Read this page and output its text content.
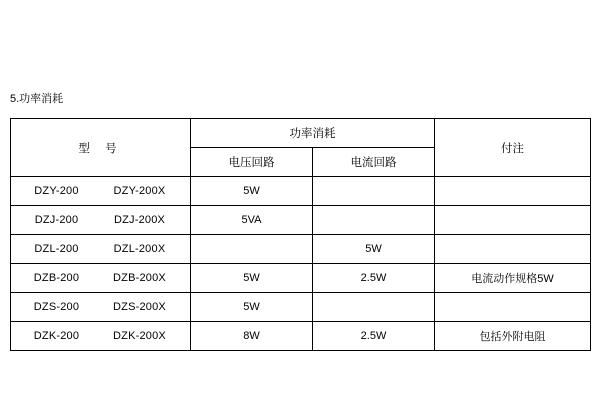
5.功率消耗
型 号	功率消耗		付注
	电压回路	电流回路	
DZY-200 DZY-200X	5W		
DZJ-200 DZJ-200X	5VA		
DZL-200 DZL-200X		5W	
DZB-200 DZB-200X	5W	2.5W	电流动作规格5W
DZS-200 DZS-200X	5W		
DZK-200 DZK-200X	8W	2.5W	包括外附电阻
